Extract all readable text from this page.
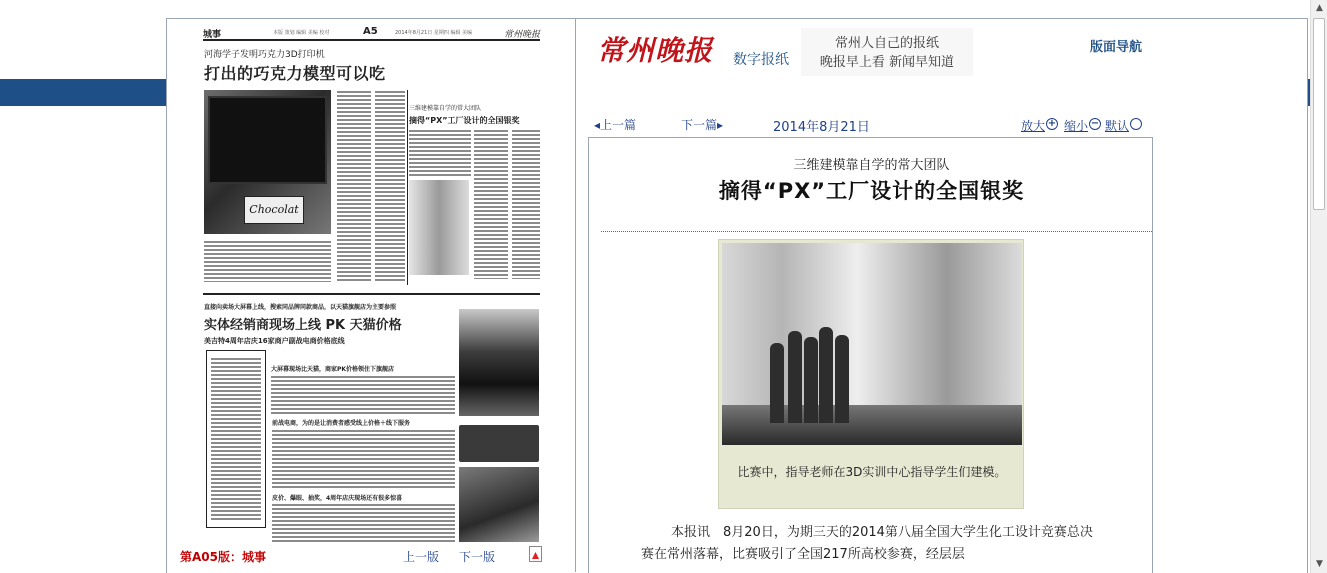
城事	本版 策划 编辑 美编 校对	A5	2014年8月21日 星期四 编辑 美编	常州晚报
河海学子发明巧克力3D打印机
打出的巧克力模型可以吃
Chocolat
三维建模靠自学的常大团队
摘得“PX”工厂设计的全国银奖
直接向卖场大屏幕上线，搜索同品牌同款商品，以天猫旗舰店为主要参照
实体经销商现场上线 PK 天猫价格
美吉特4周年店庆16家商户副战电商价格底线
大屏幕现场比天猫，商家PK价格领住下旗舰店
前战电商，为的是让消费者感受线上价格＋线下服务
皮价、爆眼、抽奖，4周年店庆现场还有很多惊喜
第A05版：城事	上一版 下一版
常州晚报 数字报纸
常州人自己的报纸
晚报早上看 新闻早知道
版面导航
常州晚报国内统一刊号：CN32-0103	上一期
◂上一篇	下一篇▸	2014年8月21日	放大 + 缩小 − 默认
三维建模靠自学的常大团队
摘得“PX”工厂设计的全国银奖
比赛中，指导老师在3D实训中心指导学生们建模。
本报讯　8月20日，为期三天的2014第八届全国大学生化工设计竞赛总决赛在常州落幕，比赛吸引了全国217所高校参赛，经层层
▲
▼
